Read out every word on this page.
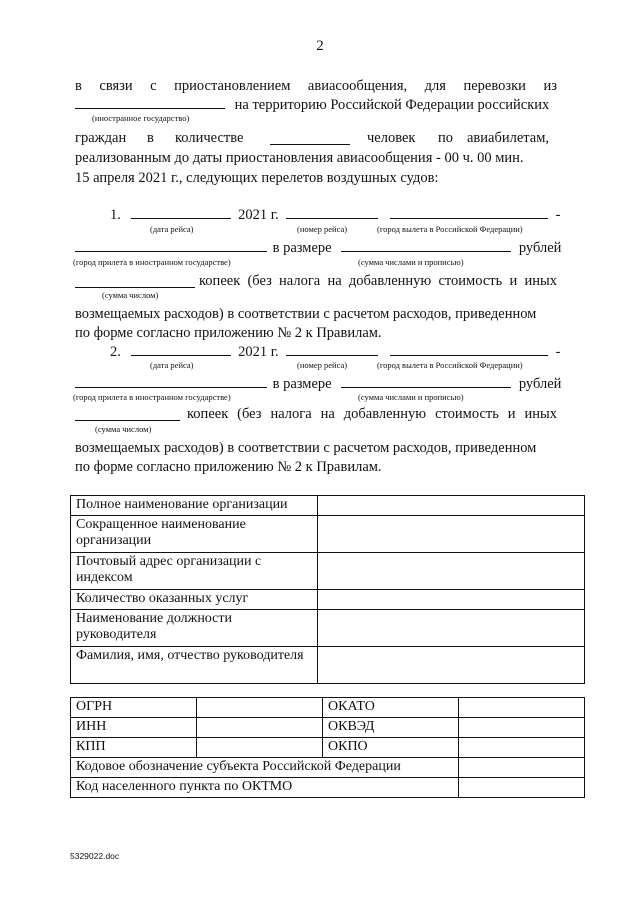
2
в связи с приостановлением авиасообщения, для перевозки из
на территорию Российской Федерации российских
(иностранное государство)
граждан в количестве	человек по авиабилетам,
реализованным до даты приостановления авиасообщения - 00 ч. 00 мин.
15 апреля 2021 г., следующих перелетов воздушных судов:
1.	2021 г.	-
(дата рейса)	(номер рейса)	(город вылета в Российской Федерации)
в размере	рублей
(город прилета в иностранном государстве)	(сумма числами и прописью)
копеек (без налога на добавленную стоимость и иных
(сумма числом)
возмещаемых расходов) в соответствии с расчетом расходов, приведенном
по форме согласно приложению № 2 к Правилам.
2.	2021 г.	-
(дата рейса)	(номер рейса)	(город вылета в Российской Федерации)
в размере	рублей
(город прилета в иностранном государстве)	(сумма числами и прописью)
копеек (без налога на добавленную стоимость и иных
(сумма числом)
возмещаемых расходов) в соответствии с расчетом расходов, приведенном
по форме согласно приложению № 2 к Правилам.
Полное наименование организации	
Сокращенное наименование организации	
Почтовый адрес организации с индексом	
Количество оказанных услуг	
Наименование должности руководителя	
Фамилия, имя, отчество руководителя	
ОГРН		ОКАТО	
ИНН		ОКВЭД	
КПП		ОКПО	
Кодовое обозначение субъекта Российской Федерации			
Код населенного пункта по ОКТМО			
5329022.doc
